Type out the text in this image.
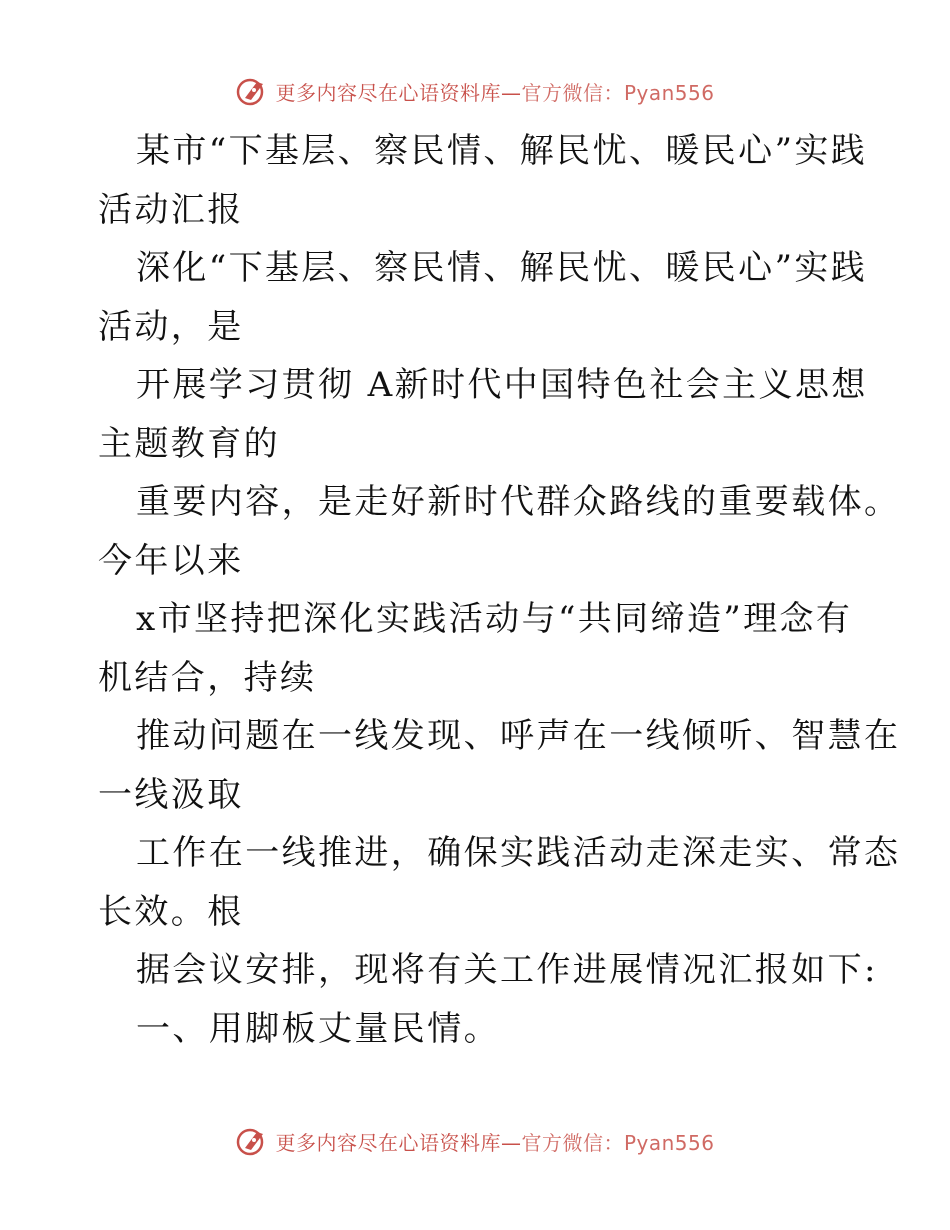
更多内容尽在心语资料库—官方微信：Pyan556
某市“下基层、察民情、解民忧、暖民心”实践
活动汇报
深化“下基层、察民情、解民忧、暖民心”实践
活动，是
开展学习贯彻 A新时代中国特色社会主义思想
主题教育的
重要内容，是走好新时代群众路线的重要载体。
今年以来
x市坚持把深化实践活动与“共同缔造”理念有
机结合，持续
推动问题在一线发现、呼声在一线倾听、智慧在
一线汲取
工作在一线推进，确保实践活动走深走实、常态
长效。根
据会议安排，现将有关工作进展情况汇报如下:
一、用脚板丈量民情。
更多内容尽在心语资料库—官方微信：Pyan556
